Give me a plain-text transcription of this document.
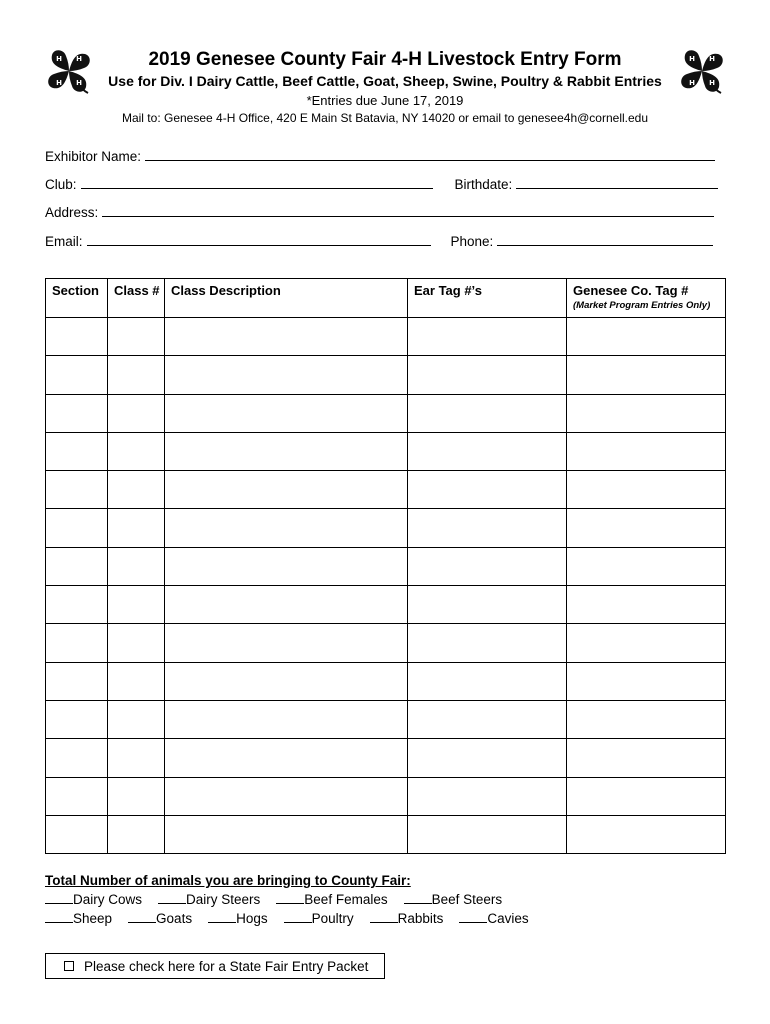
H H
H
H
H H
H
H
2019 Genesee County Fair 4-H Livestock Entry Form
Use for Div. I Dairy Cattle, Beef Cattle, Goat, Sheep, Swine, Poultry & Rabbit Entries
*Entries due June 17, 2019
Mail to: Genesee 4-H Office, 420 E Main St Batavia, NY 14020 or email to genesee4h@cornell.edu
Exhibitor Name:
Club:	Birthdate:
Address:
Email:	Phone:
Section	Class #	Class Description	Ear Tag #’s	Genesee Co. Tag #
(Market Program Entries Only)

Total Number of animals you are bringing to County Fair:
Dairy Cows	Dairy Steers	Beef Females	Beef Steers
Sheep	Goats	Hogs	Poultry	Rabbits	Cavies
Please check here for a State Fair Entry Packet
